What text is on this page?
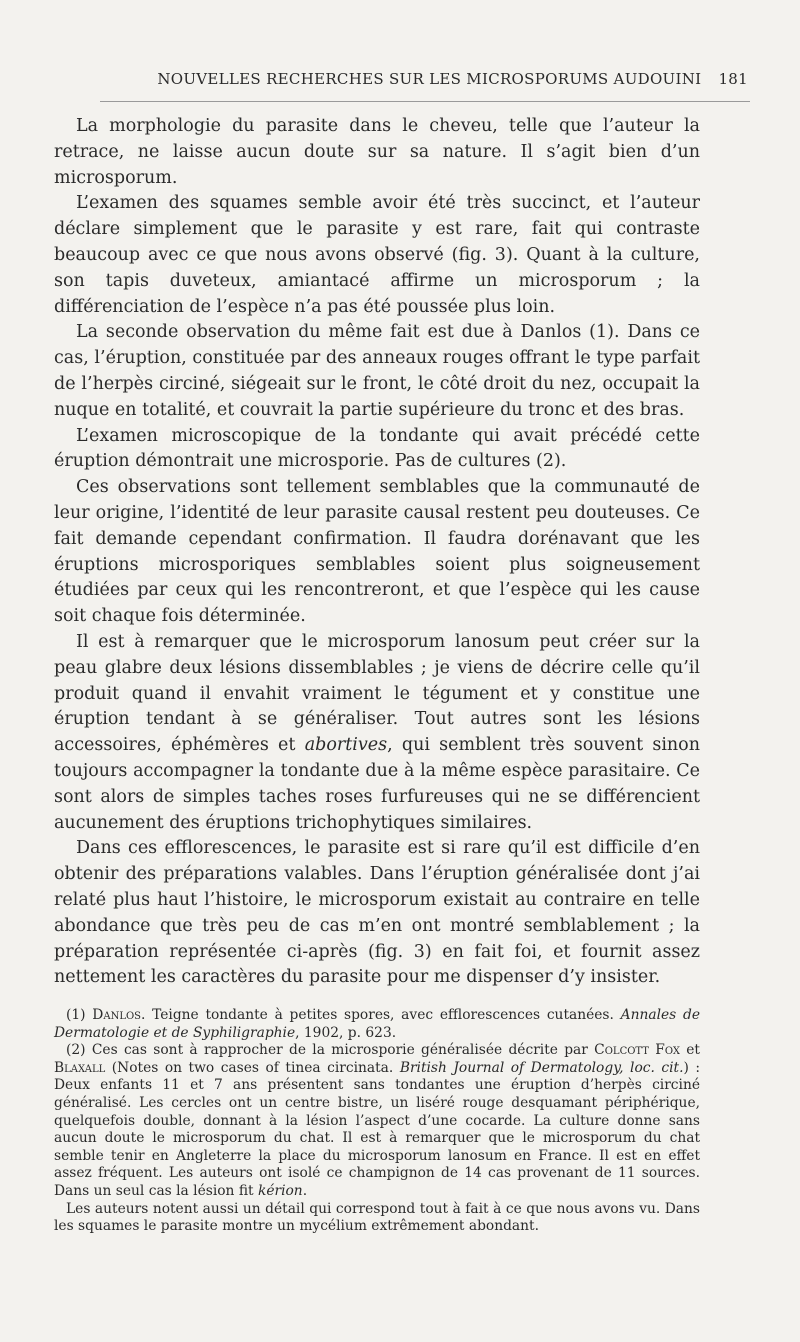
NOUVELLES RECHERCHES SUR LES MICROSPORUMS AUDOUINI 181

La morphologie du parasite dans le cheveu, telle que l’auteur la retrace, ne laisse aucun doute sur sa nature. Il s’agit bien d’un microsporum.

L’examen des squames semble avoir été très succinct, et l’auteur déclare simplement que le parasite y est rare, fait qui contraste beaucoup avec ce que nous avons observé (fig. 3). Quant à la culture, son tapis duveteux, amiantacé affirme un microsporum ; la différenciation de l’espèce n’a pas été poussée plus loin.

La seconde observation du même fait est due à Danlos (1). Dans ce cas, l’éruption, constituée par des anneaux rouges offrant le type parfait de l’herpès circiné, siégeait sur le front, le côté droit du nez, occupait la nuque en totalité, et couvrait la partie supérieure du tronc et des bras.

L’examen microscopique de la tondante qui avait précédé cette éruption démontrait une microsporie. Pas de cultures (2).

Ces observations sont tellement semblables que la communauté de leur origine, l’identité de leur parasite causal restent peu douteuses. Ce fait demande cependant confirmation. Il faudra dorénavant que les éruptions microsporiques semblables soient plus soigneusement étudiées par ceux qui les rencontreront, et que l’espèce qui les cause soit chaque fois déterminée.

Il est à remarquer que le microsporum lanosum peut créer sur la peau glabre deux lésions dissemblables ; je viens de décrire celle qu’il produit quand il envahit vraiment le tégument et y constitue une éruption tendant à se généraliser. Tout autres sont les lésions accessoires, éphémères et abortives, qui semblent très souvent sinon toujours accompagner la tondante due à la même espèce parasitaire. Ce sont alors de simples taches roses furfureuses qui ne se différencient aucunement des éruptions trichophytiques similaires.

Dans ces efflorescences, le parasite est si rare qu’il est difficile d’en obtenir des préparations valables. Dans l’éruption généralisée dont j’ai relaté plus haut l’histoire, le microsporum existait au contraire en telle abondance que très peu de cas m’en ont montré semblablement ; la préparation représentée ci-après (fig. 3) en fait foi, et fournit assez nettement les caractères du parasite pour me dispenser d’y insister.

(1) Danlos. Teigne tondante à petites spores, avec efflorescences cutanées. Annales de Dermatologie et de Syphiligraphie, 1902, p. 623.

(2) Ces cas sont à rapprocher de la microsporie généralisée décrite par Colcott Fox et Blaxall (Notes on two cases of tinea circinata. British Journal of Dermatology, loc. cit.) : Deux enfants 11 et 7 ans présentent sans tondantes une éruption d’herpès circiné généralisé. Les cercles ont un centre bistre, un liséré rouge desquamant périphérique, quelquefois double, donnant à la lésion l’aspect d’une cocarde. La culture donne sans aucun doute le microsporum du chat. Il est à remarquer que le microsporum du chat semble tenir en Angleterre la place du microsporum lanosum en France. Il est en effet assez fréquent. Les auteurs ont isolé ce champignon de 14 cas provenant de 11 sources. Dans un seul cas la lésion fit kérion.

Les auteurs notent aussi un détail qui correspond tout à fait à ce que nous avons vu. Dans les squames le parasite montre un mycélium extrêmement abondant.
